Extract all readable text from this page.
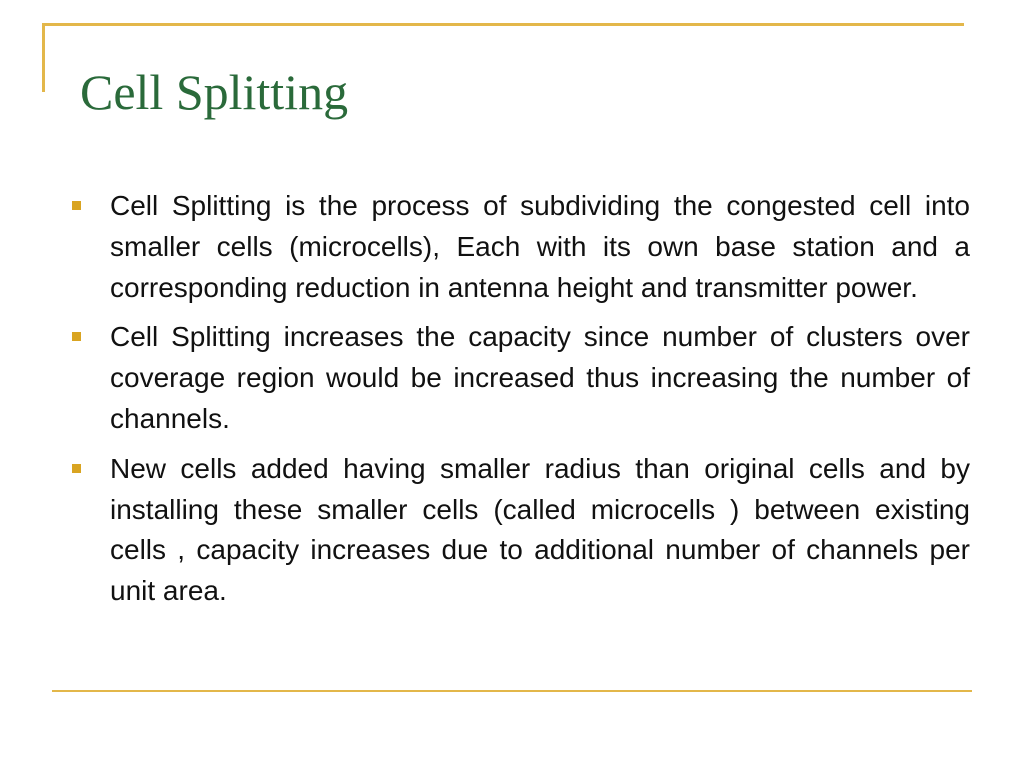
Cell Splitting
Cell Splitting is the process of subdividing the congested cell into smaller cells (microcells), Each with its own base station and a corresponding reduction in antenna height and transmitter power.
Cell Splitting increases the capacity since number of clusters over coverage region would be increased thus increasing the number of channels.
New cells added having smaller radius than original cells and by installing these smaller cells (called microcells ) between existing cells , capacity increases due to additional number of channels per unit area.
